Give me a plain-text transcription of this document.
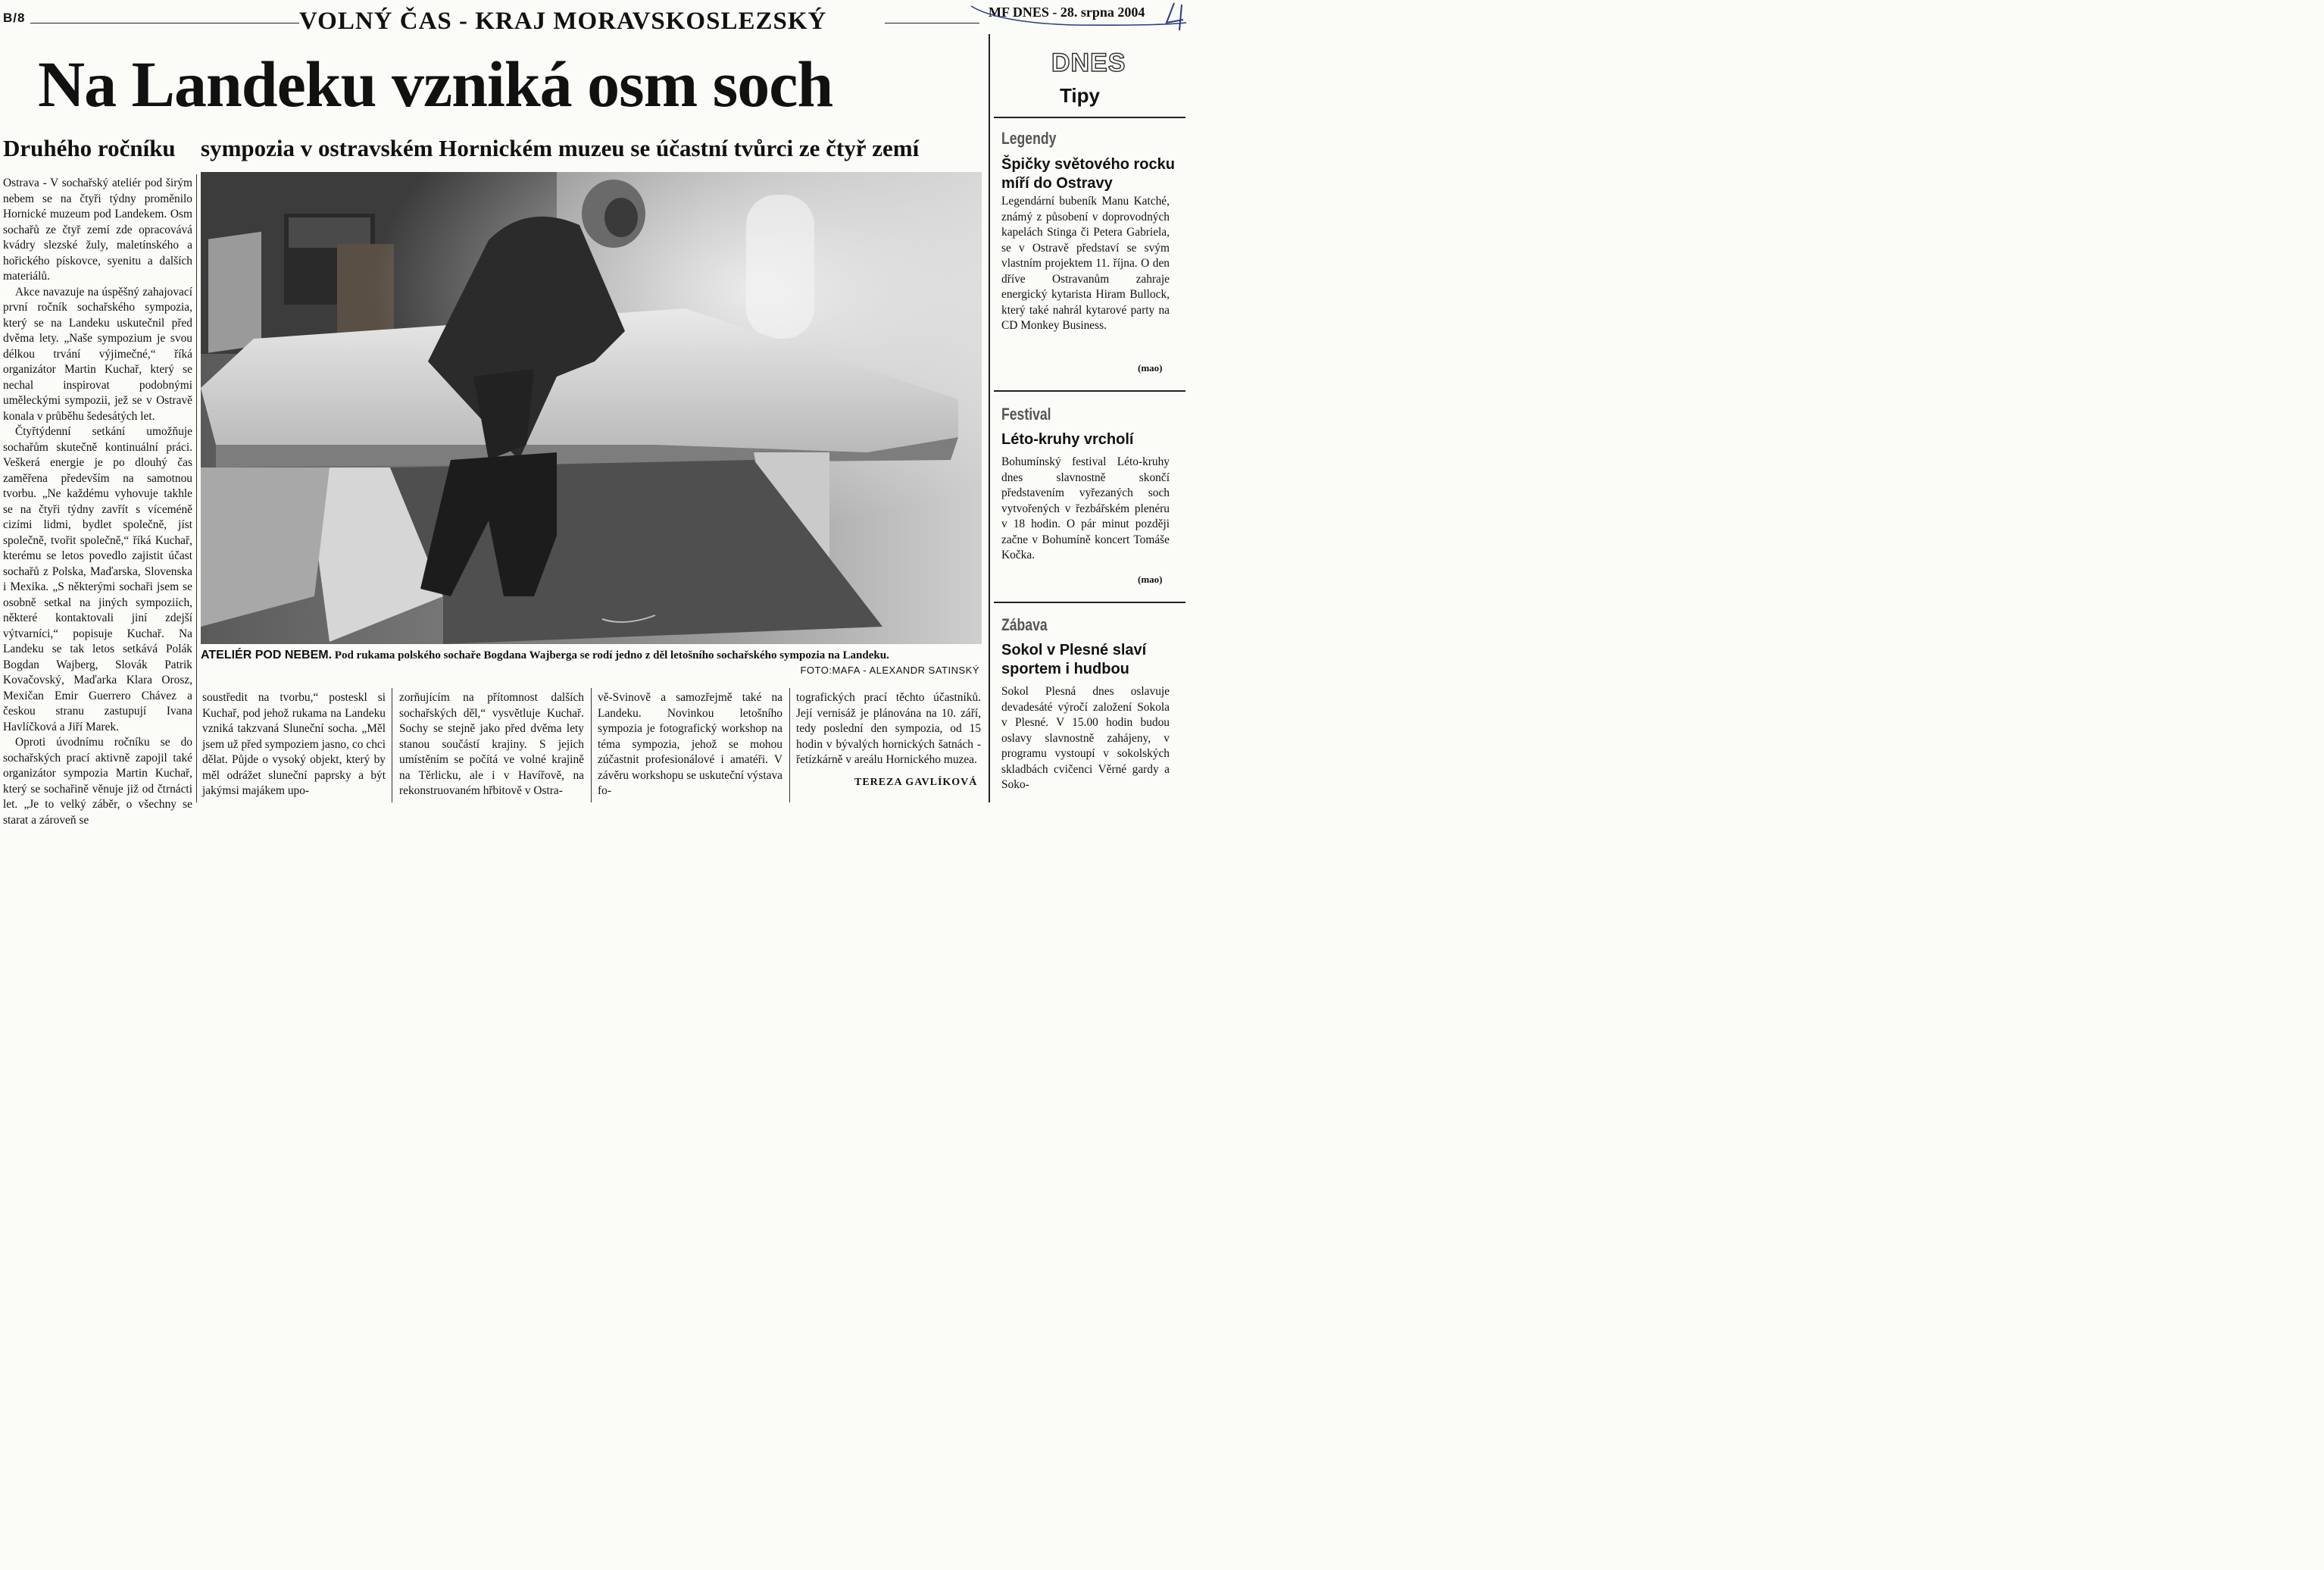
B/8	VOLNÝ ČAS - KRAJ MORAVSKOSLEZSKÝ	MF DNES - 28. srpna 2004
Na Landeku vzniká osm soch
Druhého ročníku sympozia v ostravském Hornickém muzeu se účastní tvůrci ze čtyř zemí

Ostrava - V sochařský ateliér pod širým nebem se na čtyři týdny proměnilo Hornické muzeum pod Landekem. Osm sochařů ze čtyř zemí zde opracovává kvádry slezské žuly, maletínského a hořického pískovce, syenitu a dalších materiálů.

Akce navazuje na úspěšný zahajovací první ročník sochařského sympozia, který se na Landeku uskutečnil před dvěma lety. „Naše sympozium je svou délkou trvání výjimečné,“ říká organizátor Martin Kuchař, který se nechal inspirovat podobnými uměleckými sympozii, jež se v Ostravě konala v průběhu šedesátých let.

Čtyřtýdenní setkání umožňuje sochařům skutečně kontinuální práci. Veškerá energie je po dlouhý čas zaměřena především na samotnou tvorbu. „Ne každému vyhovuje takhle se na čtyři týdny zavřít s víceméně cizími lidmi, bydlet společně, jíst společně, tvořit společně,“ říká Kuchař, kterému se letos povedlo zajistit účast sochařů z Polska, Maďarska, Slovenska i Mexika. „S některými sochaři jsem se osobně setkal na jiných sympoziích, některé kontaktovali jiní zdejší výtvarníci,“ popisuje Kuchař. Na Landeku se tak letos setkává Polák Bogdan Wajberg, Slovák Patrik Kovačovský, Maďarka Klara Orosz, Mexičan Emir Guerrero Chávez a českou stranu zastupují Ivana Havlíčková a Jiří Marek.

Oproti úvodnímu ročníku se do sochařských prací aktivně zapojil také organizátor sympozia Martin Kuchař, který se sochařině věnuje již od čtrnácti let. „Je to velký záběr, o všechny se starat a zároveň se

ATELIÉR POD NEBEM. Pod rukama polského sochaře Bogdana Wajberga se rodí jedno z děl letošního sochařského sympozia na Landeku.
FOTO:MAFA - ALEXANDR SATINSKÝ

soustředit na tvorbu,“ posteskl si Kuchař, pod jehož rukama na Landeku vzniká takzvaná Sluneční socha. „Měl jsem už před sympoziem jasno, co chci dělat. Půjde o vysoký objekt, který by měl odrážet sluneční paprsky a být jakýmsi majákem upo-

zorňujícím na přítomnost dalších sochařských děl,“ vysvětluje Kuchař. Sochy se stejně jako před dvěma lety stanou součástí krajiny. S jejich umístěním se počítá ve volné krajině na Těrlicku, ale i v Havířově, na rekonstruovaném hřbitově v Ostra-

vě-Svinově a samozřejmě také na Landeku. Novinkou letošního sympozia je fotografický workshop na téma sympozia, jehož se mohou zúčastnit profesionálové i amatéři. V závěru workshopu se uskuteční výstava fo-

tografických prací těchto účastníků. Její vernisáž je plánována na 10. září, tedy poslední den sympozia, od 15 hodin v bývalých hornických šatnách - řetízkárně v areálu Hornického muzea.

TEREZA GAVLÍKOVÁ
DNES
Tipy
Legendy
Špičky světového rocku míří do Ostravy
Legendární bubeník Manu Katché, známý z působení v doprovodných kapelách Stinga či Petera Gabriela, se v Ostravě představí se svým vlastním projektem 11. října. O den dříve Ostravanům zahraje energický kytarista Hiram Bullock, který také nahrál kytarové party na CD Monkey Business.
(mao)
Festival
Léto-kruhy vrcholí
Bohumínský festival Léto-kruhy dnes slavnostně skončí představením vyřezaných soch vytvořených v řezbářském plenéru v 18 hodin. O pár minut později začne v Bohumíně koncert Tomáše Kočka.
(mao)
Zábava
Sokol v Plesné slaví sportem i hudbou
Sokol Plesná dnes oslavuje devadesáté výročí založení Sokola v Plesné. V 15.00 hodin budou oslavy slavnostně zahájeny, v programu vystoupí v sokolských skladbách cvičenci Věrné gardy a Soko-
